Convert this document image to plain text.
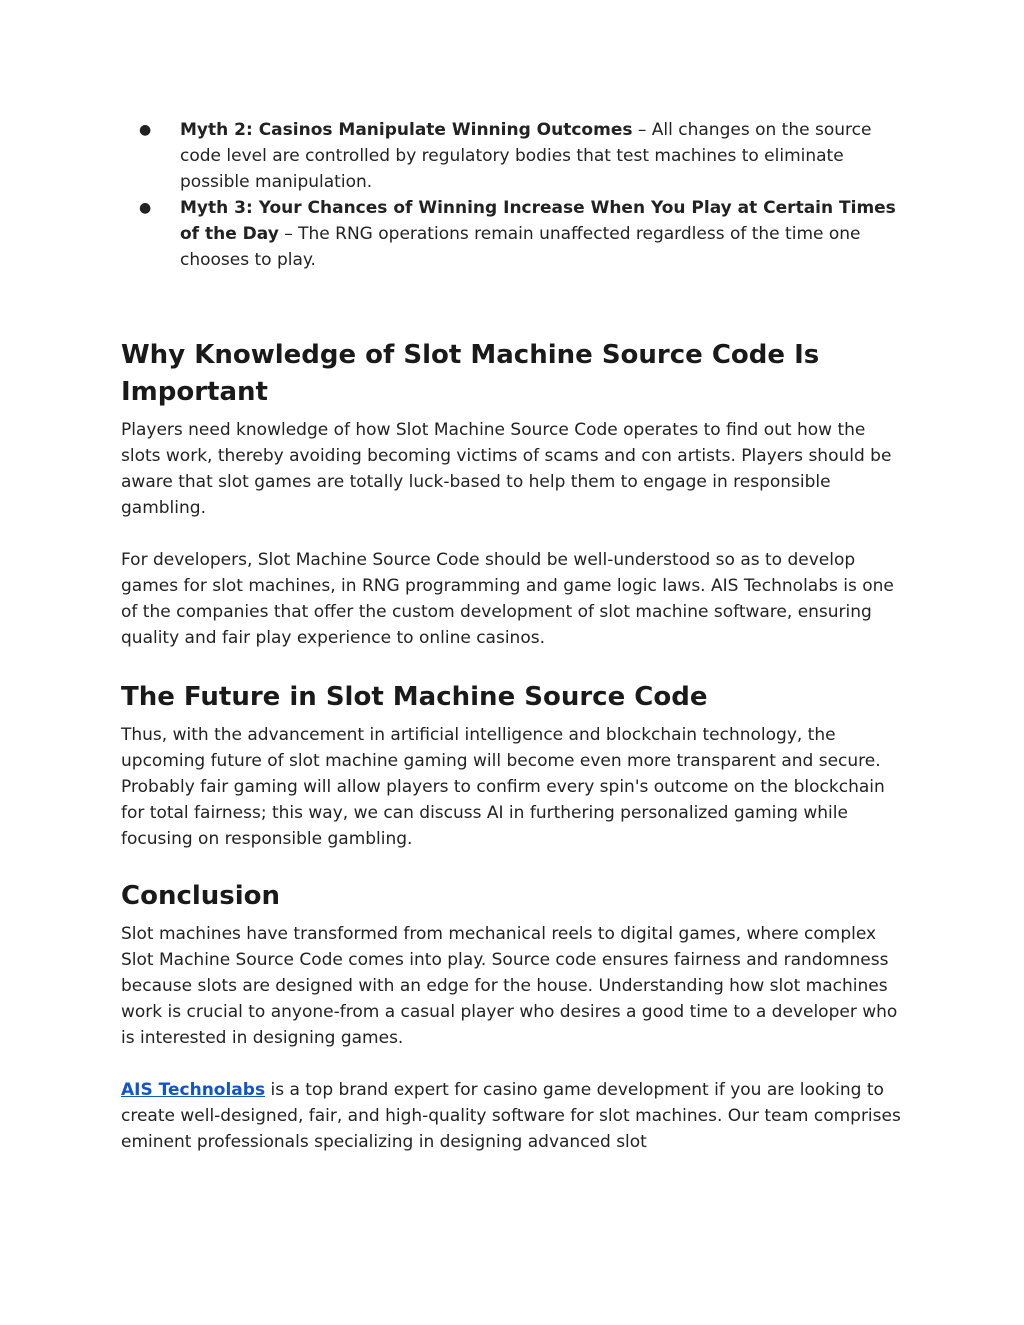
● Myth 2: Casinos Manipulate Winning Outcomes – All changes on the source code level are controlled by regulatory bodies that test machines to eliminate possible manipulation.
● Myth 3: Your Chances of Winning Increase When You Play at Certain Times of the Day – The RNG operations remain unaffected regardless of the time one chooses to play.
Why Knowledge of Slot Machine Source Code Is Important

Players need knowledge of how Slot Machine Source Code operates to find out how the slots work, thereby avoiding becoming victims of scams and con artists. Players should be aware that slot games are totally luck-based to help them to engage in responsible gambling.

For developers, Slot Machine Source Code should be well-understood so as to develop games for slot machines, in RNG programming and game logic laws. AIS Technolabs is one of the companies that offer the custom development of slot machine software, ensuring quality and fair play experience to online casinos.

The Future in Slot Machine Source Code

Thus, with the advancement in artificial intelligence and blockchain technology, the upcoming future of slot machine gaming will become even more transparent and secure. Probably fair gaming will allow players to confirm every spin's outcome on the blockchain for total fairness; this way, we can discuss AI in furthering personalized gaming while focusing on responsible gambling.

Conclusion

Slot machines have transformed from mechanical reels to digital games, where complex Slot Machine Source Code comes into play. Source code ensures fairness and randomness because slots are designed with an edge for the house. Understanding how slot machines work is crucial to anyone-from a casual player who desires a good time to a developer who is interested in designing games.

AIS Technolabs is a top brand expert for casino game development if you are looking to create well-designed, fair, and high-quality software for slot machines. Our team comprises eminent professionals specializing in designing advanced slot
